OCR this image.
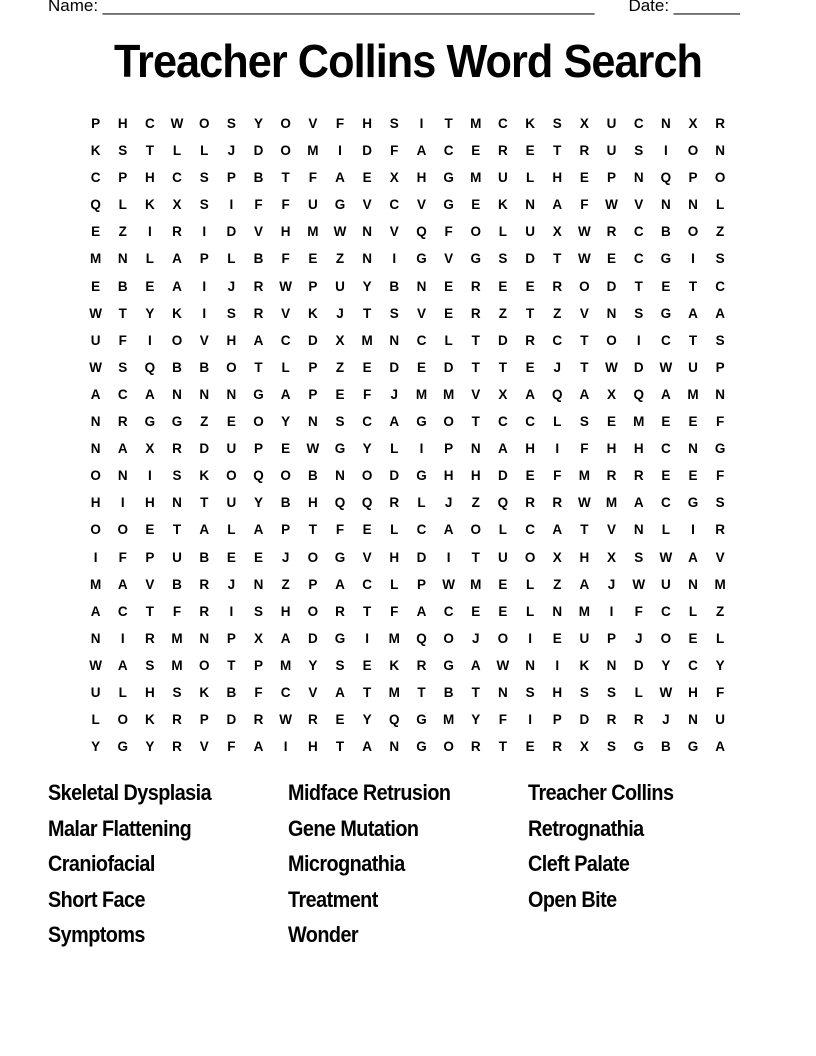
Name: ____________________________________________________ Date: _______
Treacher Collins Word Search
P	H	C	W	O	S	Y	O	V	F	H	S	I	T	M	C	K	S	X	U	C	N	X	R
K	S	T	L	L	J	D	O	M	I	D	F	A	C	E	R	E	T	R	U	S	I	O	N
C	P	H	C	S	P	B	T	F	A	E	X	H	G	M	U	L	H	E	P	N	Q	P	O
Q	L	K	X	S	I	F	F	U	G	V	C	V	G	E	K	N	A	F	W	V	N	N	L
E	Z	I	R	I	D	V	H	M	W	N	V	Q	F	O	L	U	X	W	R	C	B	O	Z
M	N	L	A	P	L	B	F	E	Z	N	I	G	V	G	S	D	T	W	E	C	G	I	S
E	B	E	A	I	J	R	W	P	U	Y	B	N	E	R	E	E	R	O	D	T	E	T	C
W	T	Y	K	I	S	R	V	K	J	T	S	V	E	R	Z	T	Z	V	N	S	G	A	A
U	F	I	O	V	H	A	C	D	X	M	N	C	L	T	D	R	C	T	O	I	C	T	S
W	S	Q	B	B	O	T	L	P	Z	E	D	E	D	T	T	E	J	T	W	D	W	U	P
A	C	A	N	N	N	G	A	P	E	F	J	M	M	V	X	A	Q	A	X	Q	A	M	N
N	R	G	G	Z	E	O	Y	N	S	C	A	G	O	T	C	C	L	S	E	M	E	E	F
N	A	X	R	D	U	P	E	W	G	Y	L	I	P	N	A	H	I	F	H	H	C	N	G
O	N	I	S	K	O	Q	O	B	N	O	D	G	H	H	D	E	F	M	R	R	E	E	F
H	I	H	N	T	U	Y	B	H	Q	Q	R	L	J	Z	Q	R	R	W	M	A	C	G	S
O	O	E	T	A	L	A	P	T	F	E	L	C	A	O	L	C	A	T	V	N	L	I	R
I	F	P	U	B	E	E	J	O	G	V	H	D	I	T	U	O	X	H	X	S	W	A	V
M	A	V	B	R	J	N	Z	P	A	C	L	P	W	M	E	L	Z	A	J	W	U	N	M
A	C	T	F	R	I	S	H	O	R	T	F	A	C	E	E	L	N	M	I	F	C	L	Z
N	I	R	M	N	P	X	A	D	G	I	M	Q	O	J	O	I	E	U	P	J	O	E	L
W	A	S	M	O	T	P	M	Y	S	E	K	R	G	A	W	N	I	K	N	D	Y	C	Y
U	L	H	S	K	B	F	C	V	A	T	M	T	B	T	N	S	H	S	S	L	W	H	F
L	O	K	R	P	D	R	W	R	E	Y	Q	G	M	Y	F	I	P	D	R	R	J	N	U
Y	G	Y	R	V	F	A	I	H	T	A	N	G	O	R	T	E	R	X	S	G	B	G	A
Skeletal Dysplasia	Midface Retrusion	Treacher Collins
Malar Flattening	Gene Mutation	Retrognathia
Craniofacial	Micrognathia	Cleft Palate
Short Face	Treatment	Open Bite
Symptoms	Wonder
